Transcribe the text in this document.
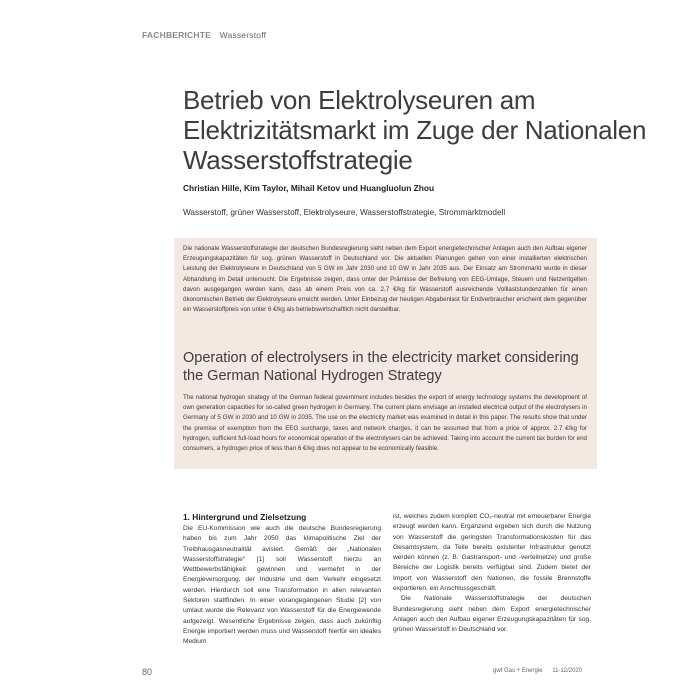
FACHBERICHTE Wasserstoff
Betrieb von Elektrolyseuren am Elektrizitätsmarkt im Zuge der Nationalen Wasserstoffstrategie
Christian Hille, Kim Taylor, Mihail Ketov und Huangluolun Zhou
Wasserstoff, grüner Wasserstoff, Elektrolyseure, Wasserstoffstrategie, Strommarktmodell

Die nationale Wasserstoffstrategie der deutschen Bundesregierung sieht neben dem Export energietechnischer Anlagen auch den Aufbau eigener Erzeugungskapazitäten für sog. grünen Wasserstoff in Deutschland vor. Die aktuellen Planungen gehen von einer installierten elektrischen Leistung der Elektrolyseure in Deutschland von 5 GW im Jahr 2030 und 10 GW in Jahr 2035 aus. Der Einsatz am Strommarkt wurde in dieser Abhandlung im Detail untersucht. Die Ergebnisse zeigen, dass unter der Prämisse der Befreiung von EEG-Umlage, Steuern und Netzentgelten davon ausgegangen werden kann, dass ab einem Preis von ca. 2,7 €/kg für Wasserstoff ausreichende Volllaststundenzahlen für einen ökonomischen Betrieb der Elektrolyseure erreicht werden. Unter Einbezug der heutigen Abgabenlast für Endverbraucher erscheint dem gegenüber ein Wasserstoffpreis von unter 6 €/kg als betriebswirtschaftlich nicht darstellbar.

Operation of electrolysers in the electricity market considering the German National Hydrogen Strategy

The national hydrogen strategy of the German federal government includes besides the export of energy technology systems the development of own generation capacities for so-called green hydrogen in Germany. The current plans envisage an installed electrical output of the electrolysers in Germany of 5 GW in 2030 and 10 GW in 2035. The use on the electricity market was examined in detail in this paper. The results show that under the premise of exemption from the EEG surcharge, taxes and network charges, it can be assumed that from a price of approx. 2.7 €/kg for hydrogen, sufficient full-load hours for economical operation of the electrolysers can be achieved. Taking into account the current tax burden for end consumers, a hydrogen price of less than 6 €/kg does not appear to be economically feasible.

1. Hintergrund und Zielsetzung

Die EU-Kommission wie auch die deutsche Bundesregierung haben bis zum Jahr 2050 das klimapolitische Ziel der Treibhausgasneutralität avisiert. Gemäß der „Nationalen Wasserstoffstrategie“ [1] soll Wasserstoff hierzu an Wettbewerbsfähigkeit gewinnen und vermehrt in der Energieversorgung, der Industrie und dem Verkehr eingesetzt werden. Hierdurch soll eine Transformation in allen relevanten Sektoren stattfinden. In einer vorangegangenen Studie [2] von umlaut wurde die Relevanz von Wasserstoff für die Energiewende aufgezeigt. Wesentliche Ergebnisse zeigen, dass auch zukünftig Energie importiert werden muss und Wasserstoff hierfür ein ideales Medium

ist, welches zudem komplett CO₂-neutral mit erneuerbarer Energie erzeugt werden kann. Ergänzend ergeben sich durch die Nutzung von Wasserstoff die geringsten Transformationskosten für das Gesamtsystem, da Teile bereits existenter Infrastruktur genutzt werden können (z. B. Gastransport- und -verteilnetze) und große Bereiche der Logistik bereits verfügbar sind. Zudem bietet der Import von Wasserstoff den Nationen, die fossile Brennstoffe exportieren, ein Anschlussgeschäft.

Die Nationale Wasserstoffstrategie der deutschen Bundesregierung sieht neben dem Export energietechnischer Anlagen auch den Aufbau eigener Erzeugungskapazitäten für sog. grünen Wasserstoff in Deutschland vor.

80	gwf Gas + Energie 11-12/2020
